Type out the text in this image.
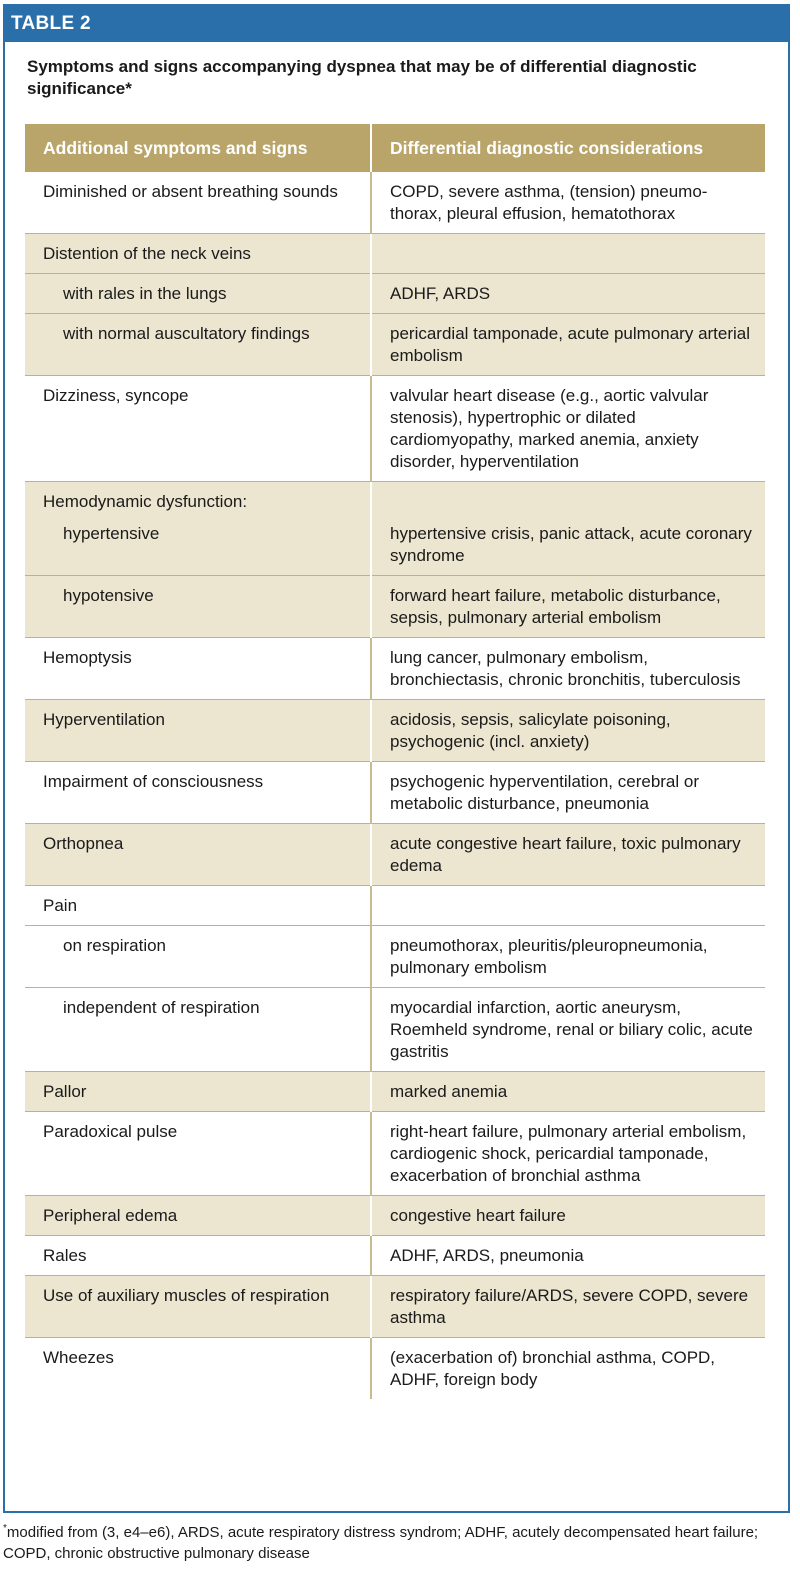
TABLE 2
Symptoms and signs accompanying dyspnea that may be of differential diagnostic significance*
Additional symptoms and signs	Differential diagnostic considerations
Diminished or absent breathing sounds	COPD, severe asthma, (tension) pneumo-thorax, pleural effusion, hematothorax
Distention of the neck veins	
with rales in the lungs	ADHF, ARDS
with normal auscultatory findings	pericardial tamponade, acute pulmonary arterial embolism
Dizziness, syncope	valvular heart disease (e.g., aortic valvular stenosis), hypertrophic or dilated cardiomyopathy, marked anemia, anxiety disorder, hyperventilation
Hemodynamic dysfunction:	
hypertensive	hypertensive crisis, panic attack, acute coronary syndrome
hypotensive	forward heart failure, metabolic disturbance, sepsis, pulmonary arterial embolism
Hemoptysis	lung cancer, pulmonary embolism, bronchiectasis, chronic bronchitis, tuberculosis
Hyperventilation	acidosis, sepsis, salicylate poisoning, psychogenic (incl. anxiety)
Impairment of consciousness	psychogenic hyperventilation, cerebral or metabolic disturbance, pneumonia
Orthopnea	acute congestive heart failure, toxic pulmonary edema
Pain	
on respiration	pneumothorax, pleuritis/pleuropneumonia, pulmonary embolism
independent of respiration	myocardial infarction, aortic aneurysm, Roemheld syndrome, renal or biliary colic, acute gastritis
Pallor	marked anemia
Paradoxical pulse	right-heart failure, pulmonary arterial embolism, cardiogenic shock, pericardial tamponade, exacerbation of bronchial asthma
Peripheral edema	congestive heart failure
Rales	ADHF, ARDS, pneumonia
Use of auxiliary muscles of respiration	respiratory failure/ARDS, severe COPD, severe asthma
Wheezes	(exacerbation of) bronchial asthma, COPD, ADHF, foreign body
*modified from (3, e4–e6), ARDS, acute respiratory distress syndrom; ADHF, acutely decompensated heart failure; COPD, chronic obstructive pulmonary disease
